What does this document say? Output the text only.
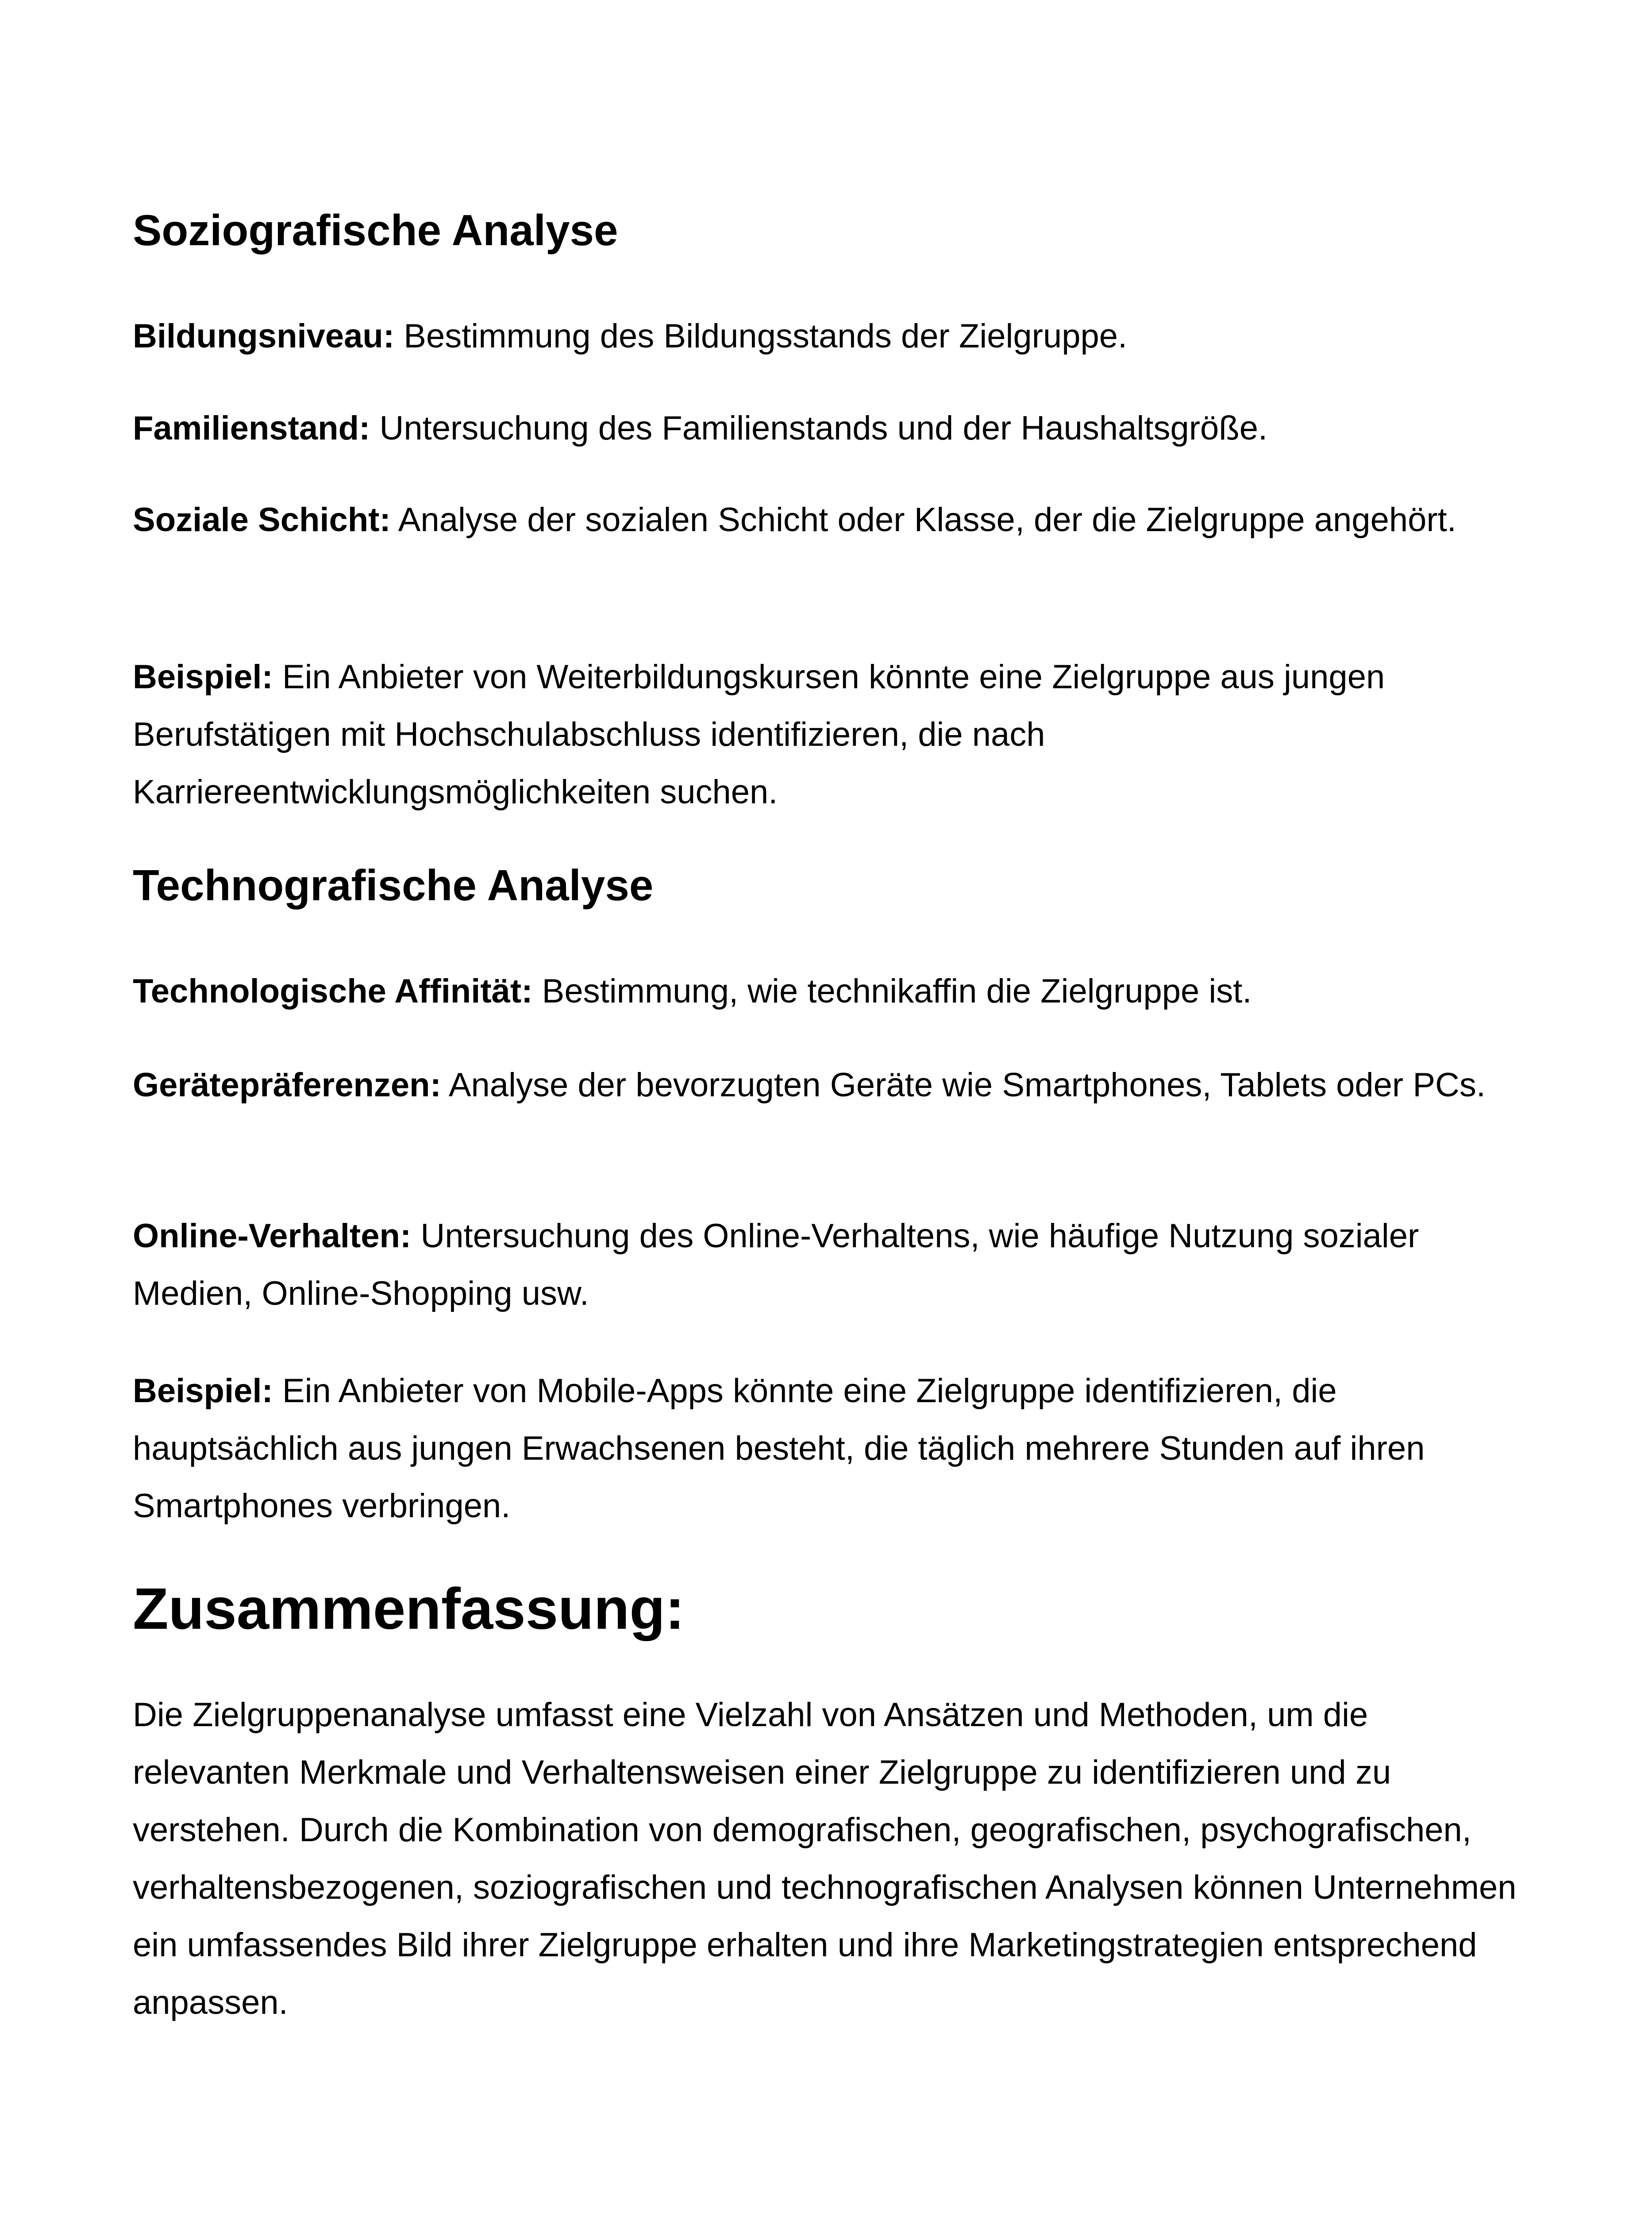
Soziografische Analyse

Bildungsniveau: Bestimmung des Bildungsstands der Zielgruppe.

Familienstand: Untersuchung des Familienstands und der Haushaltsgröße.

Soziale Schicht: Analyse der sozialen Schicht oder Klasse, der die Zielgruppe angehört.

Beispiel: Ein Anbieter von Weiterbildungskursen könnte eine Zielgruppe aus jungen Berufstätigen mit Hochschulabschluss identifizieren, die nach Karriereentwicklungsmöglichkeiten suchen.

Technografische Analyse

Technologische Affinität: Bestimmung, wie technikaffin die Zielgruppe ist.

Gerätepräferenzen: Analyse der bevorzugten Geräte wie Smartphones, Tablets oder PCs.

Online-Verhalten: Untersuchung des Online-Verhaltens, wie häufige Nutzung sozialer Medien, Online-Shopping usw.

Beispiel: Ein Anbieter von Mobile-Apps könnte eine Zielgruppe identifizieren, die hauptsächlich aus jungen Erwachsenen besteht, die täglich mehrere Stunden auf ihren Smartphones verbringen.

Zusammenfassung:

Die Zielgruppenanalyse umfasst eine Vielzahl von Ansätzen und Methoden, um die relevanten Merkmale und Verhaltensweisen einer Zielgruppe zu identifizieren und zu verstehen. Durch die Kombination von demografischen, geografischen, psychografischen, verhaltensbezogenen, soziografischen und technografischen Analysen können Unternehmen ein umfassendes Bild ihrer Zielgruppe erhalten und ihre Marketingstrategien entsprechend anpassen.
